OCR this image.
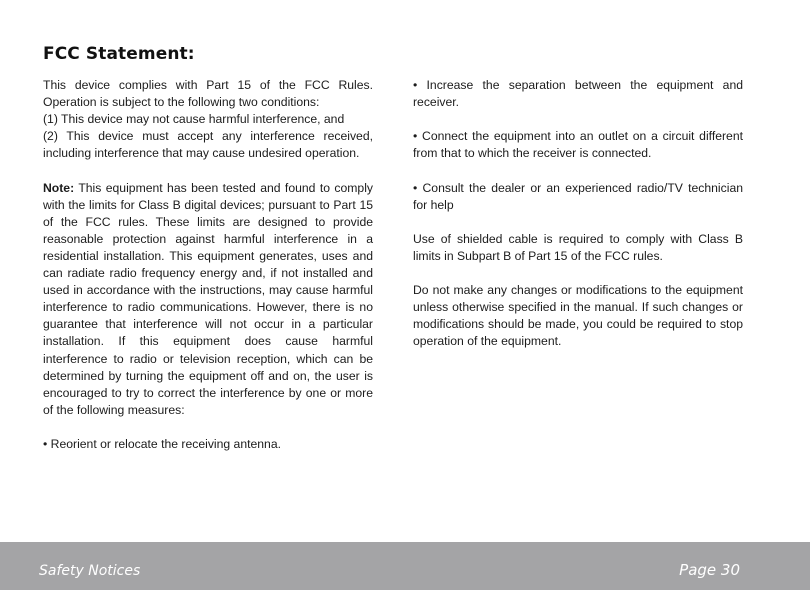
FCC Statement:

This device complies with Part 15 of the FCC Rules. Operation is subject to the following two conditions:

(1) This device may not cause harmful interference, and

(2) This device must accept any interference received, including interference that may cause undesired operation.

Note: This equipment has been tested and found to comply with the limits for Class B digital devices; pursuant to Part 15 of the FCC rules. These limits are designed to provide reasonable protection against harmful interference in a residential installation. This equipment generates, uses and can radiate radio frequency energy and, if not installed and used in accordance with the instructions, may cause harmful interference to radio communications. However, there is no guarantee that interference will not occur in a particular installation. If this equipment does cause harmful interference to radio or television reception, which can be determined by turning the equipment off and on, the user is encouraged to try to correct the interference by one or more of the following measures:

• Reorient or relocate the receiving antenna.

• Increase the separation between the equipment and receiver.

• Connect the equipment into an outlet on a circuit different from that to which the receiver is connected.

• Consult the dealer or an experienced radio/TV technician for help

Use of shielded cable is required to comply with Class B limits in Subpart B of Part 15 of the FCC rules.

Do not make any changes or modifications to the equipment unless otherwise specified in the manual. If such changes or modifications should be made, you could be required to stop operation of the equipment.

Safety Notices	Page 30
